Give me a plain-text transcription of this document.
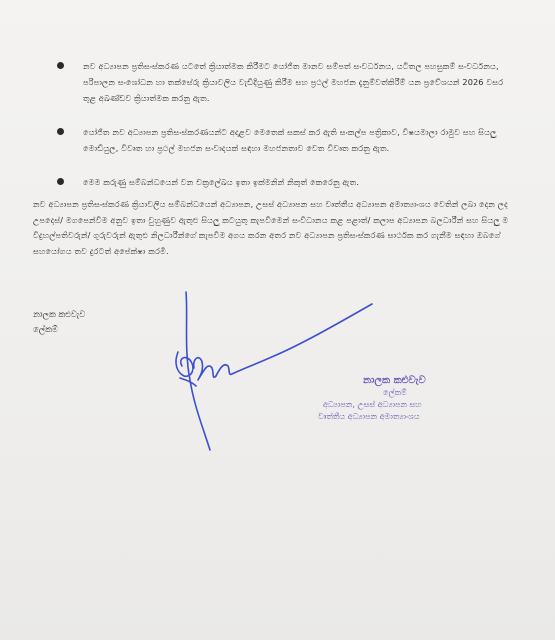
නව අධ්‍යාපන ප්‍රතිසංස්කරණ යටතේ ක්‍රියාත්මක කිරීමට යෝජිත මානව සම්පත් සංවර්ධනය, යටිතල පහසුකම් සංවර්ධනය, පරිපාලන සංශෝධන හා තක්සේරු ක්‍රියාවලිය වැඩිදියුණු කිරීම සහ ප්‍රථල් මහජන දැනුම්වත්කිරීම් යන ප්‍රවේශයන් 2026 වසර තුළ අඛණ්ඩව ක්‍රියාත්මක කරනු ඇත.
යෝජිත නව අධ්‍යාපන ප්‍රතිසංස්කරණයන්ට අදාළව මෙතෙක් සකස් කර ඇති සංකල්ප පත්‍රිකාව, විෂයමාලා රාමුව සහ සියලු මොඩියුල, විවෘත හා ප්‍රථල් මහජන සංවාදයක් සඳහා මහජනතාව වෙත විවෘත කරනු ඇත.
මෙම කරුණු සම්බන්ධයෙන් වන චක්‍රලේඛය ඉතා ඉක්මනින් නිකුත් කෙරෙනු ඇත.

නව අධ්‍යාපන ප්‍රතිසංස්කරණ ක්‍රියාවලිය සම්බන්ධයෙන් අධ්‍යාපන, උසස් අධ්‍යාපන සහ වෘත්තීය අධ්‍යාපන අමාත්‍යාංශය වෙතින් ලබා දෙන ලද උපදෙස්/ මගපෙන්වීම අනුව ඉතා වුහුණුව ඇතුළු සියලු කටයුතු කැපවීමෙන් සංවිධානය කළ පළාත්/ කලාප අධ්‍යාපන බලධාරීන් සහ සියලු ම විදුහල්පතිවරුන්/ ගුරුවරුන් ඇතුළු නිලධාරීන්ගේ කැපවීම අගය කරන අතර නව අධ්‍යාපන ප්‍රතිසංස්කරණ සාර්ථක කර ගැනීම සඳහා ඔබගේ සහයෝගය තව දුරටත් අපේක්ෂා කරමි.

නාලක කළුවැව
ලේකම්
නාලක කළුවැව
ලේකම්
අධ්‍යාපන, උසස් අධ්‍යාපන සහ
වෘත්තීය අධ්‍යාපන අමාත්‍යාංශය
